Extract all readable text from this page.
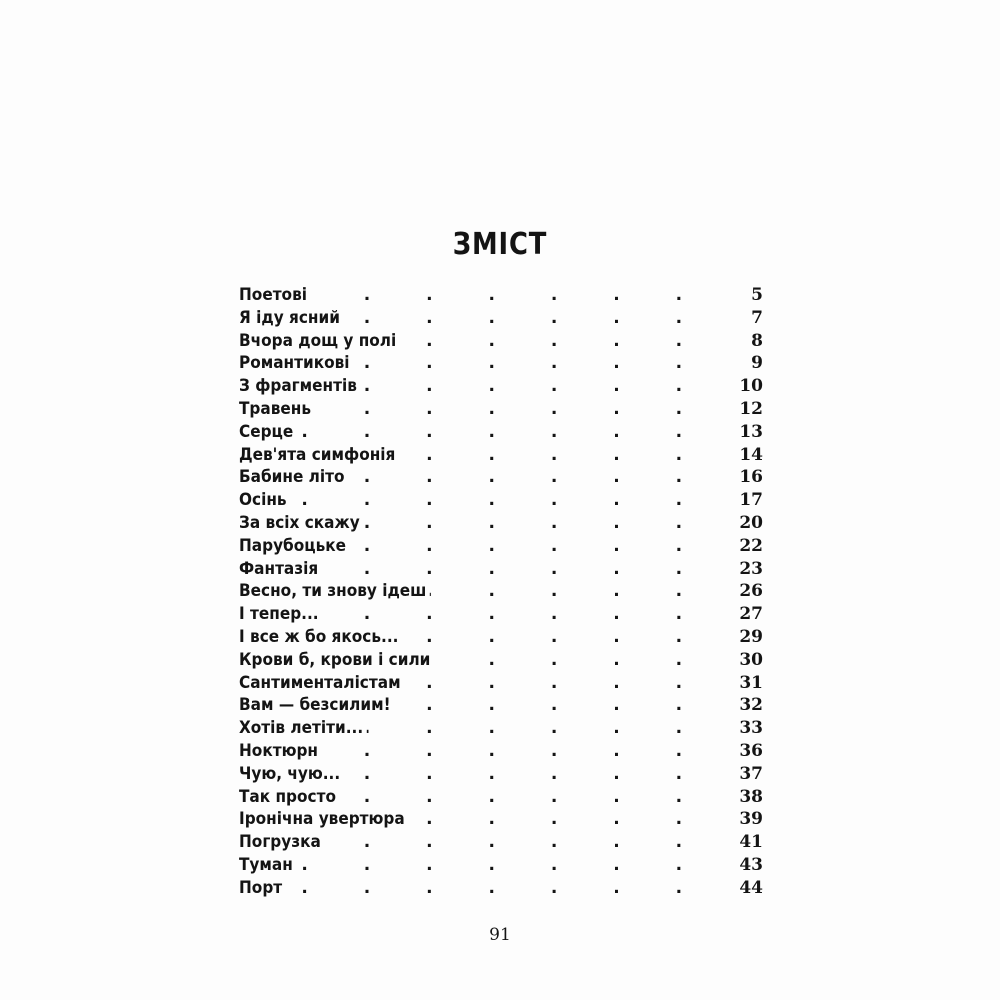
ЗМІСТ
. . .
Поетові	5
. . .
Я іду ясний	7
. . .
Вчора дощ у полі	8
. . .
Романтикові	9
. . .
З фрагментів	10
. . .
Травень	12
. . .
Серце	13
. . .
Дев'ята симфонія	14
. . .
Бабине літо	16
. . .
Осінь	17
. . .
За всіх скажу	20
. . .
Парубоцьке	22
. . .
Фантазія	23
. . .
Весно, ти знову ідеш	26
. . .
І тепер...	27
. . .
І все ж бо якось...	29
. . .
Крови б, крови і сили	30
. . .
Сантименталістам	31
. . .
Вам — безсилим!	32
. . .
Хотів летіти...	33
. . .
Ноктюрн	36
. . .
Чую, чую...	37
. . .
Так просто	38
. . .
Іронічна увертюра	39
. . .
Погрузка	41
. . .
Туман	43
. . .
Порт	44
91
